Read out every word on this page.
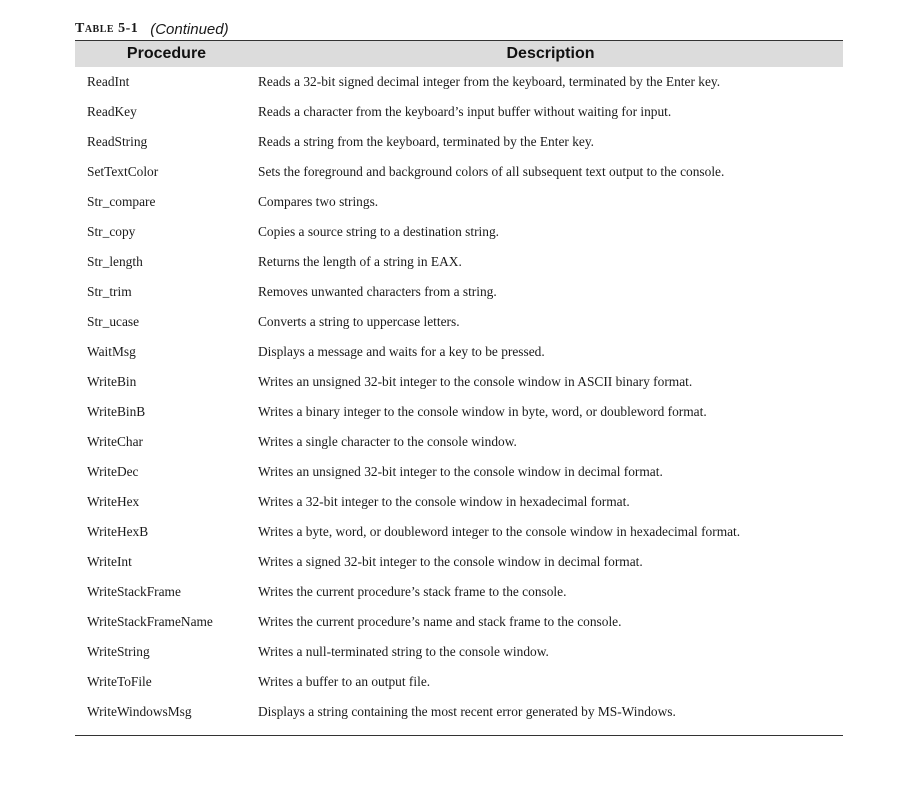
Table 5-1 (Continued)
Procedure	Description
ReadInt	Reads a 32-bit signed decimal integer from the keyboard, terminated by the Enter key.
ReadKey	Reads a character from the keyboard’s input buffer without waiting for input.
ReadString	Reads a string from the keyboard, terminated by the Enter key.
SetTextColor	Sets the foreground and background colors of all subsequent text output to the console.
Str_compare	Compares two strings.
Str_copy	Copies a source string to a destination string.
Str_length	Returns the length of a string in EAX.
Str_trim	Removes unwanted characters from a string.
Str_ucase	Converts a string to uppercase letters.
WaitMsg	Displays a message and waits for a key to be pressed.
WriteBin	Writes an unsigned 32-bit integer to the console window in ASCII binary format.
WriteBinB	Writes a binary integer to the console window in byte, word, or doubleword format.
WriteChar	Writes a single character to the console window.
WriteDec	Writes an unsigned 32-bit integer to the console window in decimal format.
WriteHex	Writes a 32-bit integer to the console window in hexadecimal format.
WriteHexB	Writes a byte, word, or doubleword integer to the console window in hexadecimal format.
WriteInt	Writes a signed 32-bit integer to the console window in decimal format.
WriteStackFrame	Writes the current procedure’s stack frame to the console.
WriteStackFrameName	Writes the current procedure’s name and stack frame to the console.
WriteString	Writes a null-terminated string to the console window.
WriteToFile	Writes a buffer to an output file.
WriteWindowsMsg	Displays a string containing the most recent error generated by MS-Windows.
